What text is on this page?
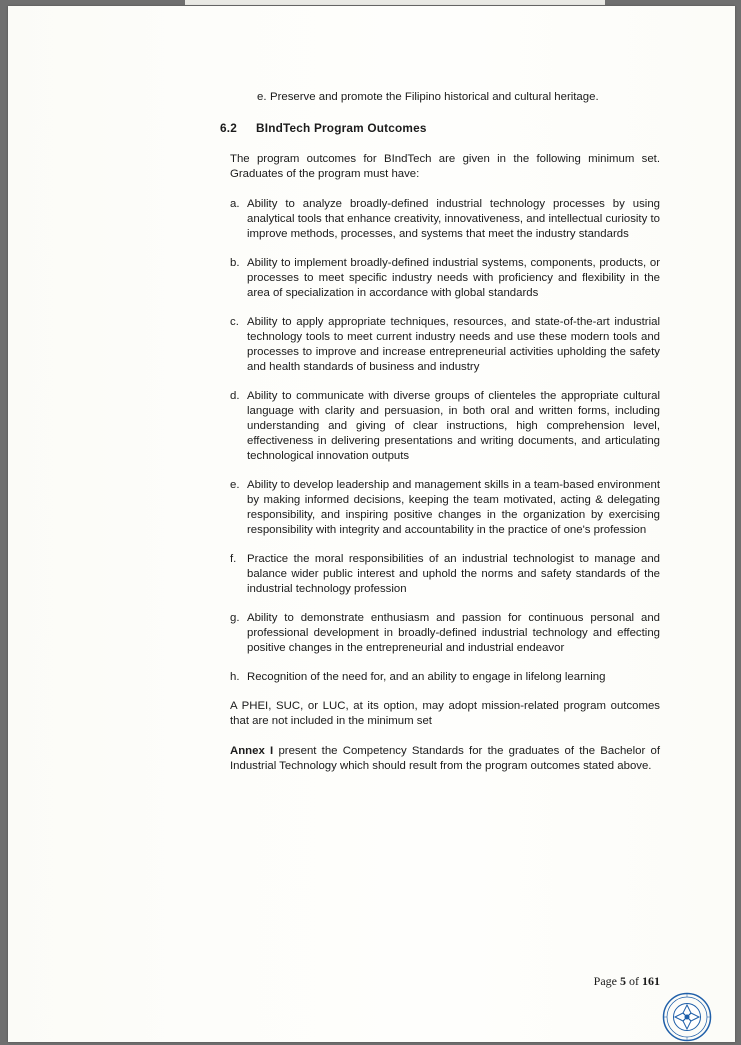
e. Preserve and promote the Filipino historical and cultural heritage.
6.2	BIndTech Program Outcomes
The program outcomes for BIndTech are given in the following minimum set. Graduates of the program must have:
a. Ability to analyze broadly-defined industrial technology processes by using analytical tools that enhance creativity, innovativeness, and intellectual curiosity to improve methods, processes, and systems that meet the industry standards
b. Ability to implement broadly-defined industrial systems, components, products, or processes to meet specific industry needs with proficiency and flexibility in the area of specialization in accordance with global standards
c. Ability to apply appropriate techniques, resources, and state-of-the-art industrial technology tools to meet current industry needs and use these modern tools and processes to improve and increase entrepreneurial activities upholding the safety and health standards of business and industry
d. Ability to communicate with diverse groups of clienteles the appropriate cultural language with clarity and persuasion, in both oral and written forms, including understanding and giving of clear instructions, high comprehension level, effectiveness in delivering presentations and writing documents, and articulating technological innovation outputs
e. Ability to develop leadership and management skills in a team-based environment by making informed decisions, keeping the team motivated, acting & delegating responsibility, and inspiring positive changes in the organization by exercising responsibility with integrity and accountability in the practice of one's profession
f. Practice the moral responsibilities of an industrial technologist to manage and balance wider public interest and uphold the norms and safety standards of the industrial technology profession
g. Ability to demonstrate enthusiasm and passion for continuous personal and professional development in broadly-defined industrial technology and effecting positive changes in the entrepreneurial and industrial endeavor
h. Recognition of the need for, and an ability to engage in lifelong learning
A PHEI, SUC, or LUC, at its option, may adopt mission-related program outcomes that are not included in the minimum set
Annex I present the Competency Standards for the graduates of the Bachelor of Industrial Technology which should result from the program outcomes stated above.
Page 5 of 161
